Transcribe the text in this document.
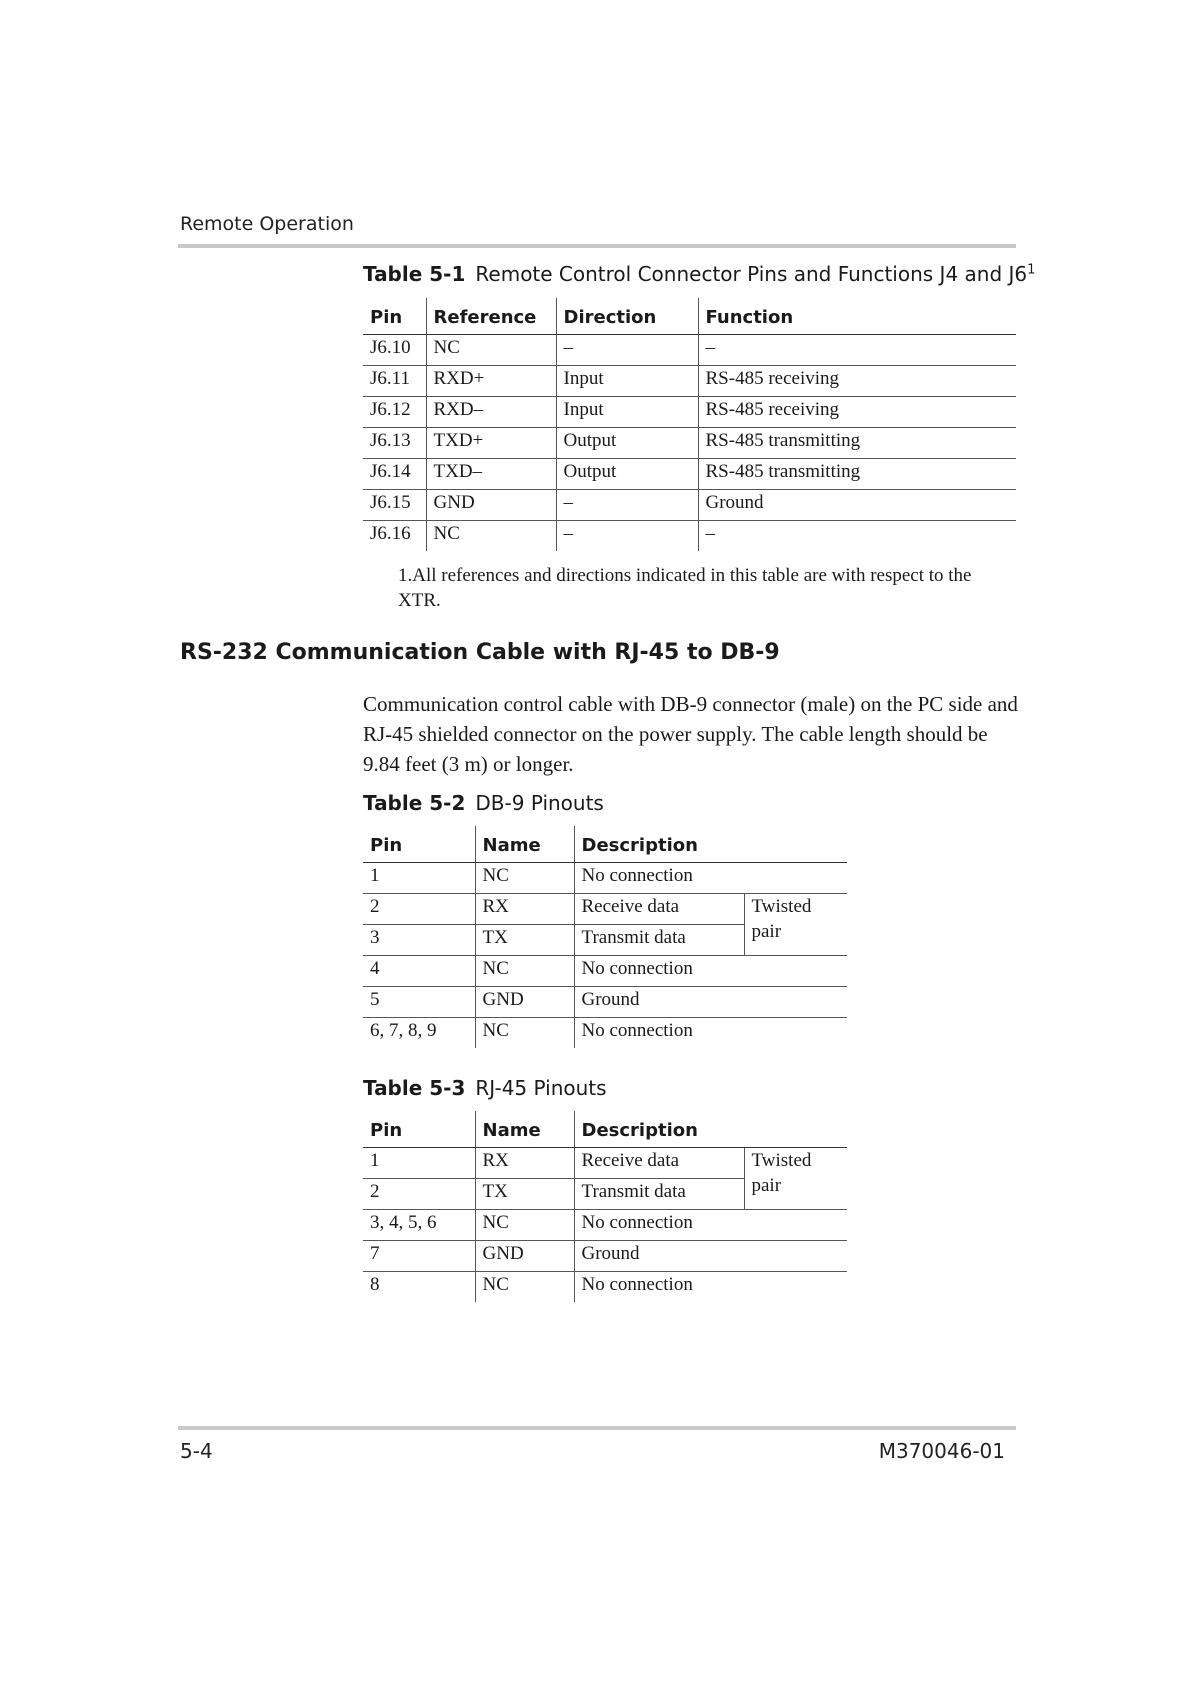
Remote Operation
Table 5-1 Remote Control Connector Pins and Functions J4 and $J6^1$
Pin	Reference	Direction	Function
J6.10	NC	–	–
J6.11	RXD+	Input	RS-485 receiving
J6.12	RXD–	Input	RS-485 receiving
J6.13	TXD+	Output	RS-485 transmitting
J6.14	TXD–	Output	RS-485 transmitting
J6.15	GND	–	Ground
J6.16	NC	–	–
1.All references and directions indicated in this table are with respect to the XTR.
RS-232 Communication Cable with RJ-45 to DB-9
Communication control cable with DB-9 connector (male) on the PC side and RJ-45 shielded connector on the power supply. The cable length should be 9.84 feet (3 m) or longer.
Table 5-2 DB-9 Pinouts
Pin	Name	Description	
1	NC	No connection	
2	RX	Receive data	Twisted pair
3	TX	Transmit data	
4	NC	No connection	
5	GND	Ground	
6, 7, 8, 9	NC	No connection	
Table 5-3 RJ-45 Pinouts
Pin	Name	Description	
1	RX	Receive data	Twisted pair
2	TX	Transmit data	
3, 4, 5, 6	NC	No connection	
7	GND	Ground	
8	NC	No connection	
5-4	M370046-01
